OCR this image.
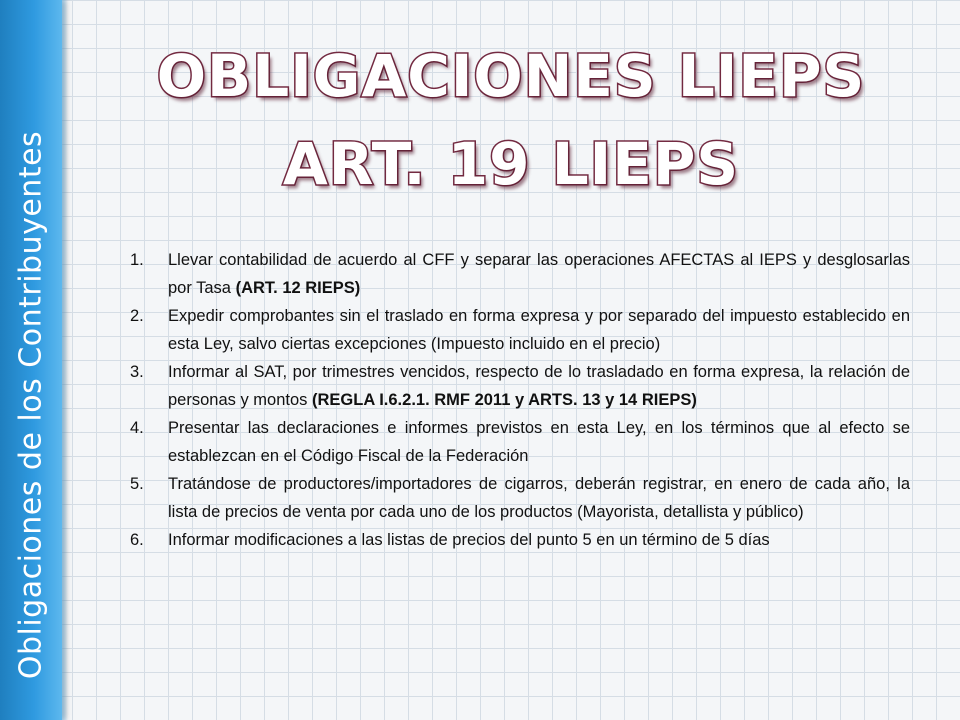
Obligaciones de los Contribuyentes
OBLIGACIONES LIEPS
ART. 19 LIEPS
1. Llevar contabilidad de acuerdo al CFF y separar las operaciones AFECTAS al IEPS y desglosarlas por Tasa (ART. 12 RIEPS)
2. Expedir comprobantes sin el traslado en forma expresa y por separado del impuesto establecido en esta Ley, salvo ciertas excepciones (Impuesto incluido en el precio)
3. Informar al SAT, por trimestres vencidos, respecto de lo trasladado en forma expresa, la relación de personas y montos (REGLA I.6.2.1. RMF 2011 y ARTS. 13 y 14 RIEPS)
4. Presentar las declaraciones e informes previstos en esta Ley, en los términos que al efecto se establezcan en el Código Fiscal de la Federación
5. Tratándose de productores/importadores de cigarros, deberán registrar, en enero de cada año, la lista de precios de venta por cada uno de los productos (Mayorista, detallista y público)
6. Informar modificaciones a las listas de precios del punto 5 en un término de 5 días
